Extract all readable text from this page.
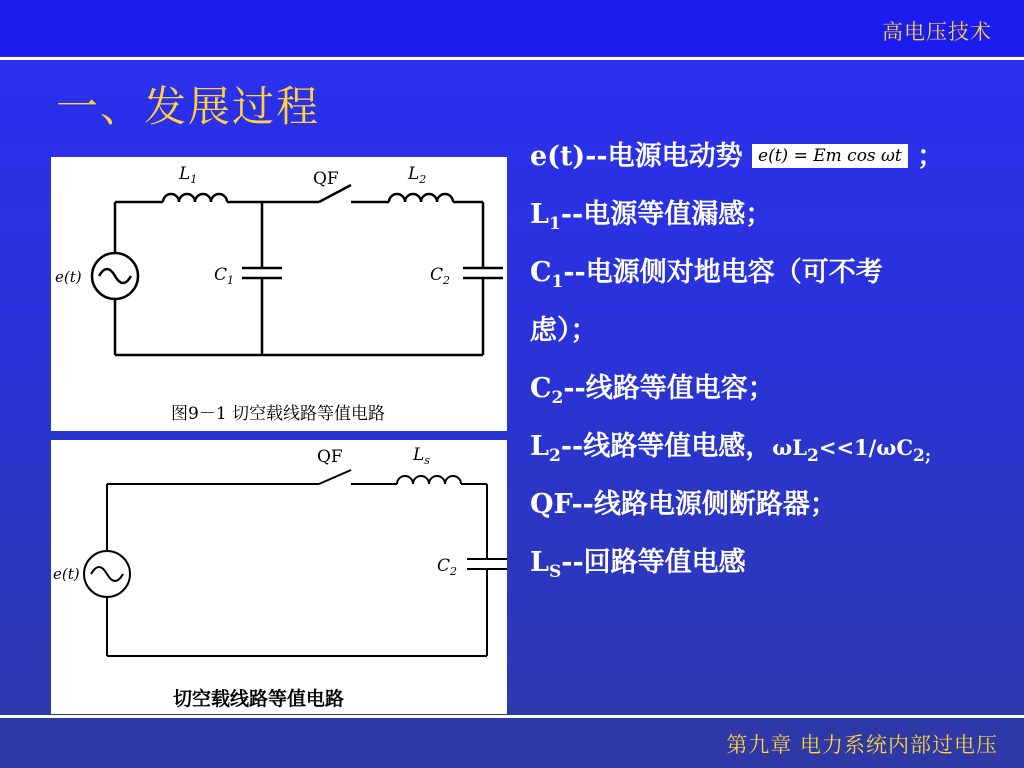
高电压技术
一、发展过程
$L_1$	QF	$L_2$
$C_1$	$C_2$
e(t)
图9－1 切空载线路等值电路
QF	$L_s$
$C_2$
e(t)
切空载线路等值电路
e(t)--电源电动势 e(t) = Em cos ωt ；
$L_1--$电源等值漏感；
$C_1--$电源侧对地电容（可不考
虑）；
$C_2--$线路等值电容；
$L_2--$线路等值电感，$\omega L_2<<1/\omega C_{2;}$
QF--线路电源侧断路器；
$L_S--$回路等值电感
第九章 电力系统内部过电压
